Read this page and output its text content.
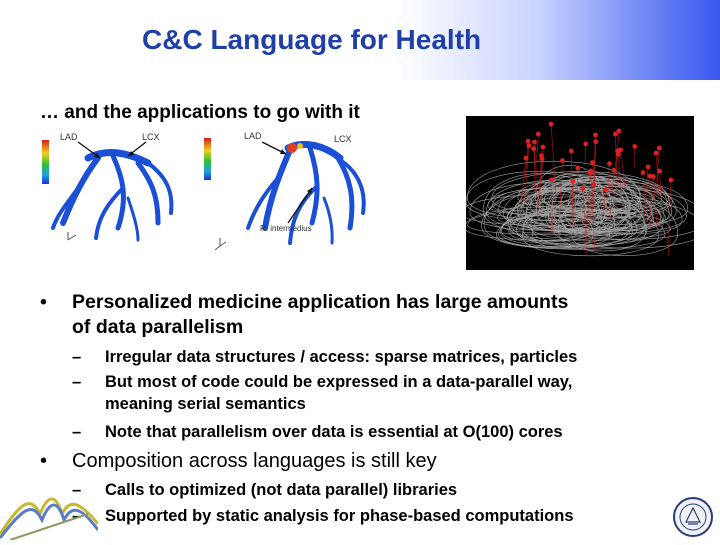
C&C Language for Health
… and the applications to go with it
LAD	LCX	LAD	LCX
R. intermedius
• Personalized medicine application has large amounts
of data parallelism
– Irregular data structures / access: sparse matrices, particles
– But most of code could be expressed in a data-parallel way,
meaning serial semantics
– Note that parallelism over data is essential at O(100) cores
• Composition across languages is still key
– Calls to optimized (not data parallel) libraries
– Supported by static analysis for phase-based computations
